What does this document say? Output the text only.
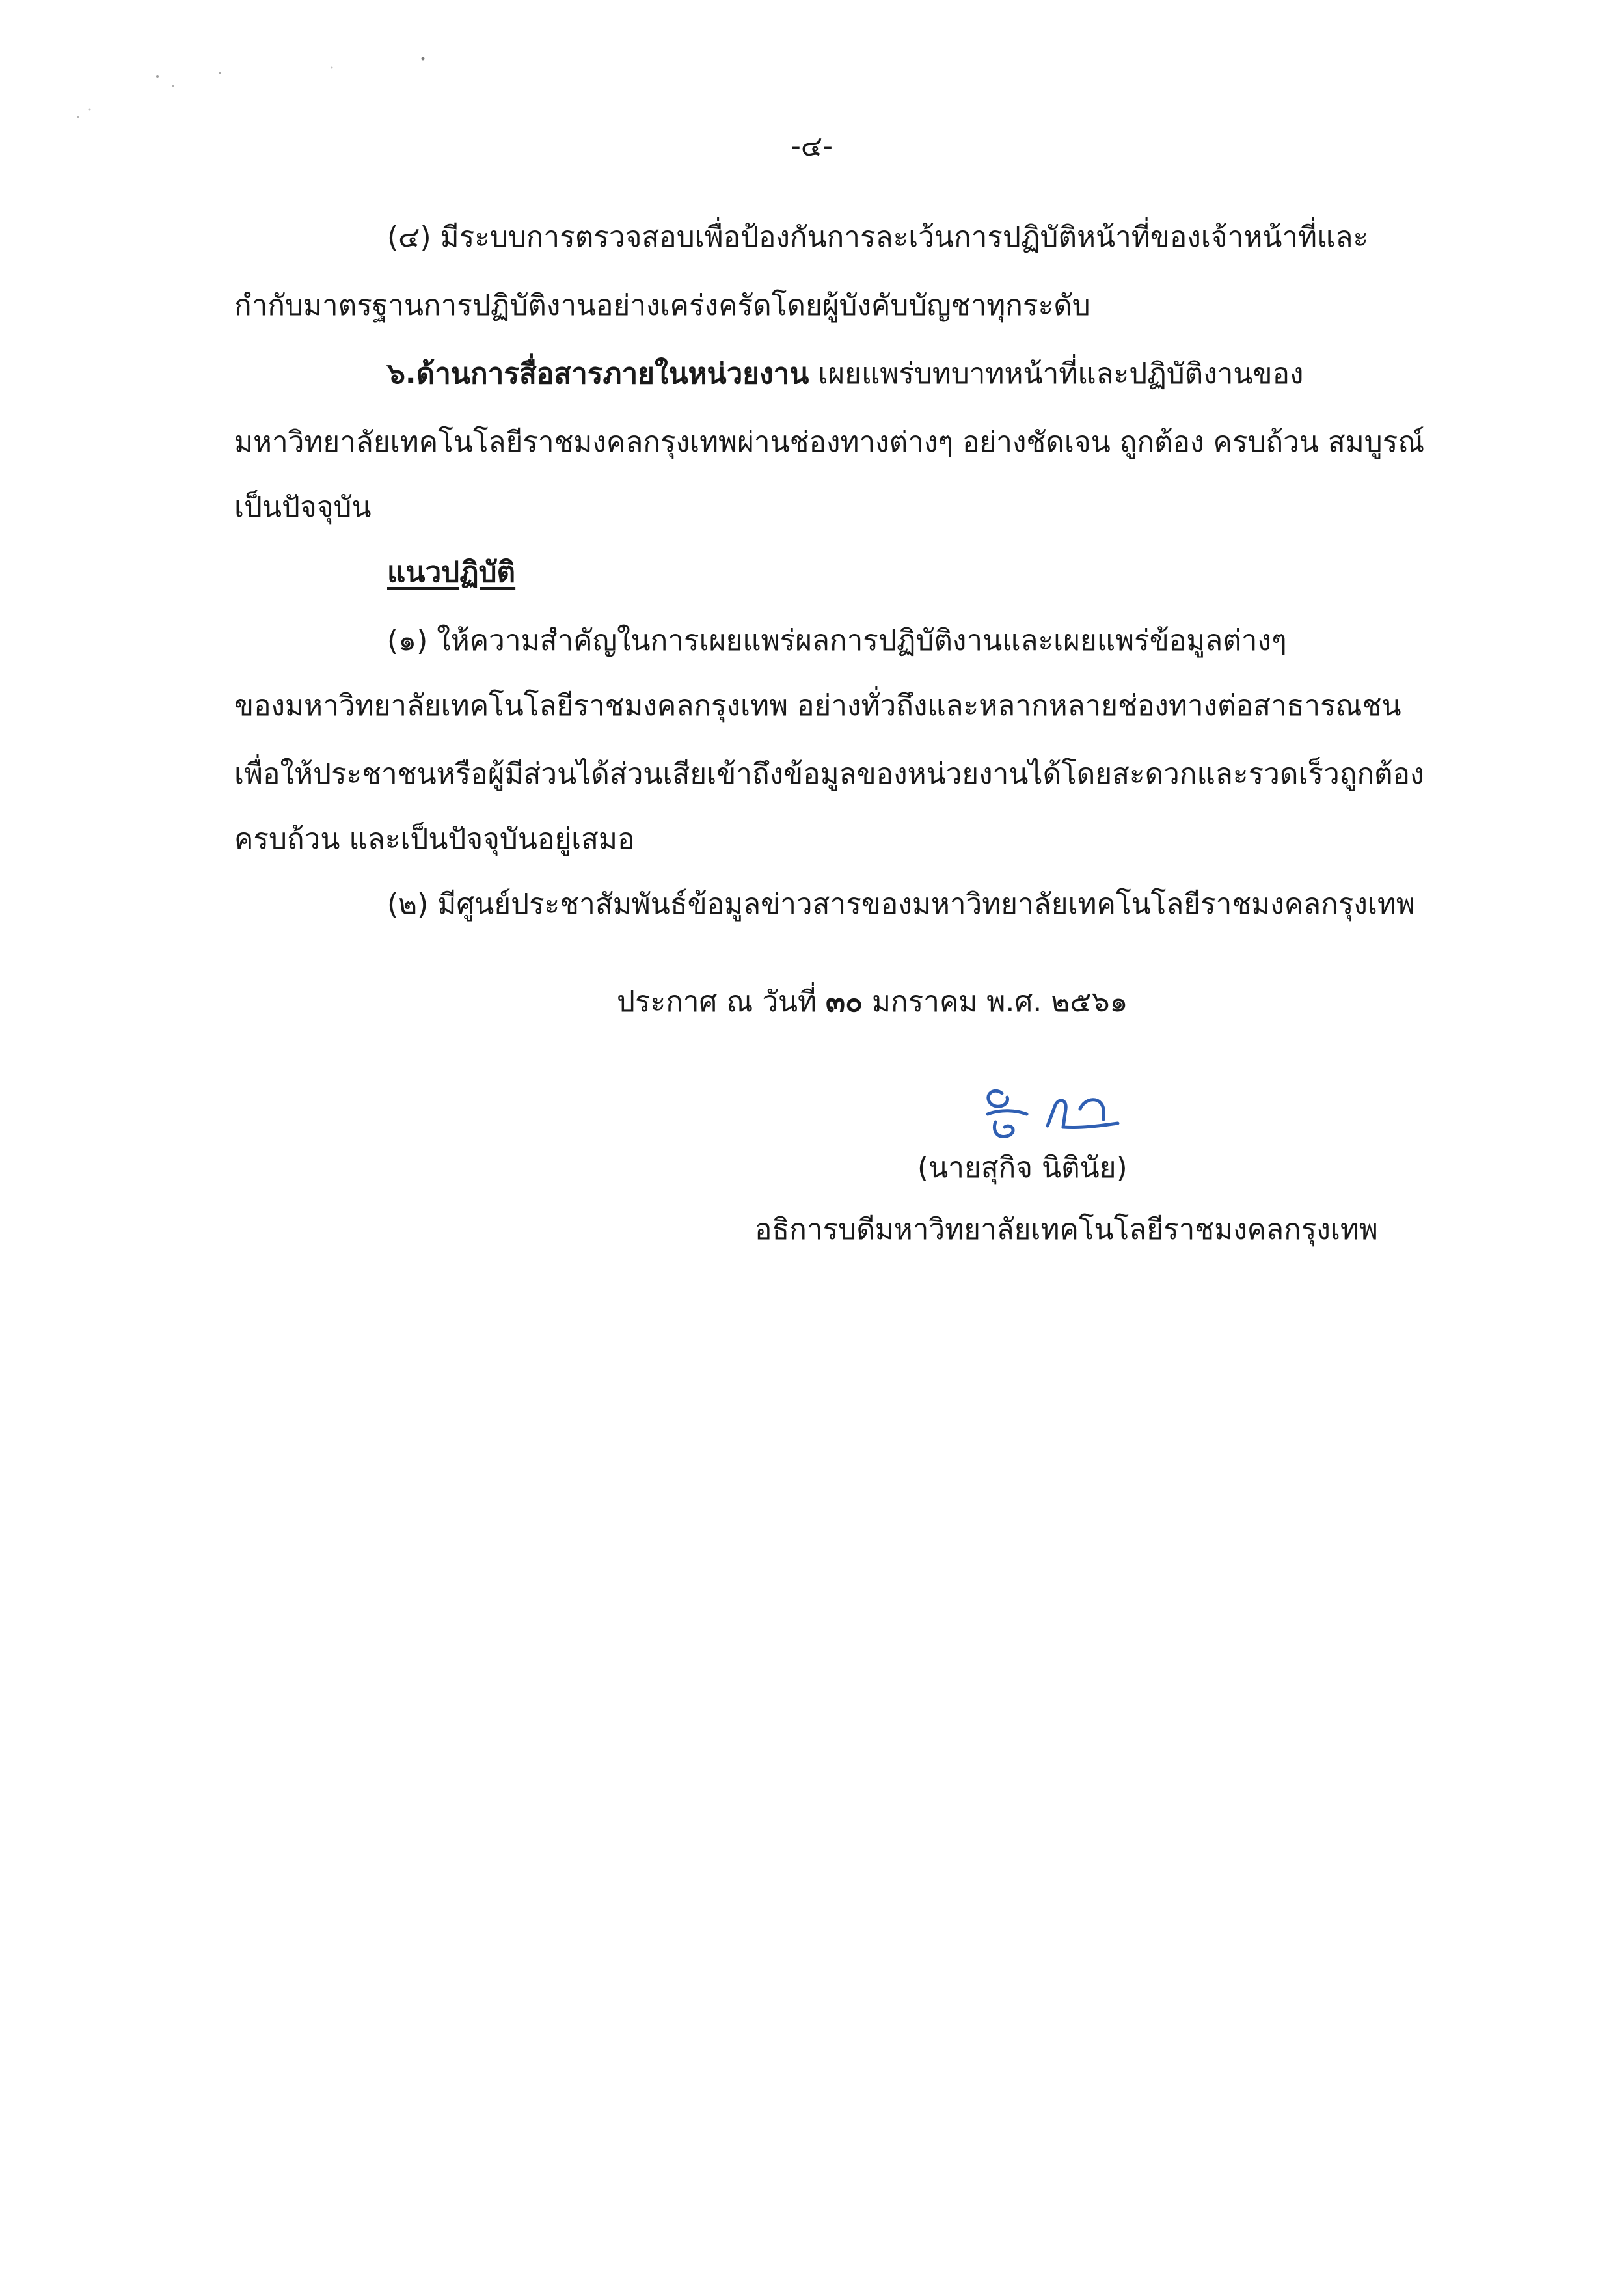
-๔-
(๔) มีระบบการตรวจสอบเพื่อป้องกันการละเว้นการปฏิบัติหน้าที่ของเจ้าหน้าที่และ
กำกับมาตรฐานการปฏิบัติงานอย่างเคร่งครัดโดยผู้บังคับบัญชาทุกระดับ
๖.ด้านการสื่อสารภายในหน่วยงาน เผยแพร่บทบาทหน้าที่และปฏิบัติงานของ
มหาวิทยาลัยเทคโนโลยีราชมงคลกรุงเทพผ่านช่องทางต่างๆ อย่างชัดเจน ถูกต้อง ครบถ้วน สมบูรณ์
เป็นปัจจุบัน
แนวปฏิบัติ
(๑) ให้ความสำคัญในการเผยแพร่ผลการปฏิบัติงานและเผยแพร่ข้อมูลต่างๆ
ของมหาวิทยาลัยเทคโนโลยีราชมงคลกรุงเทพ อย่างทั่วถึงและหลากหลายช่องทางต่อสาธารณชน
เพื่อให้ประชาชนหรือผู้มีส่วนได้ส่วนเสียเข้าถึงข้อมูลของหน่วยงานได้โดยสะดวกและรวดเร็วถูกต้อง
ครบถ้วน และเป็นปัจจุบันอยู่เสมอ
(๒) มีศูนย์ประชาสัมพันธ์ข้อมูลข่าวสารของมหาวิทยาลัยเทคโนโลยีราชมงคลกรุงเทพ
ประกาศ ณ วันที่ ๓๐ มกราคม พ.ศ. ๒๕๖๑
(นายสุกิจ นิตินัย)
อธิการบดีมหาวิทยาลัยเทคโนโลยีราชมงคลกรุงเทพ
